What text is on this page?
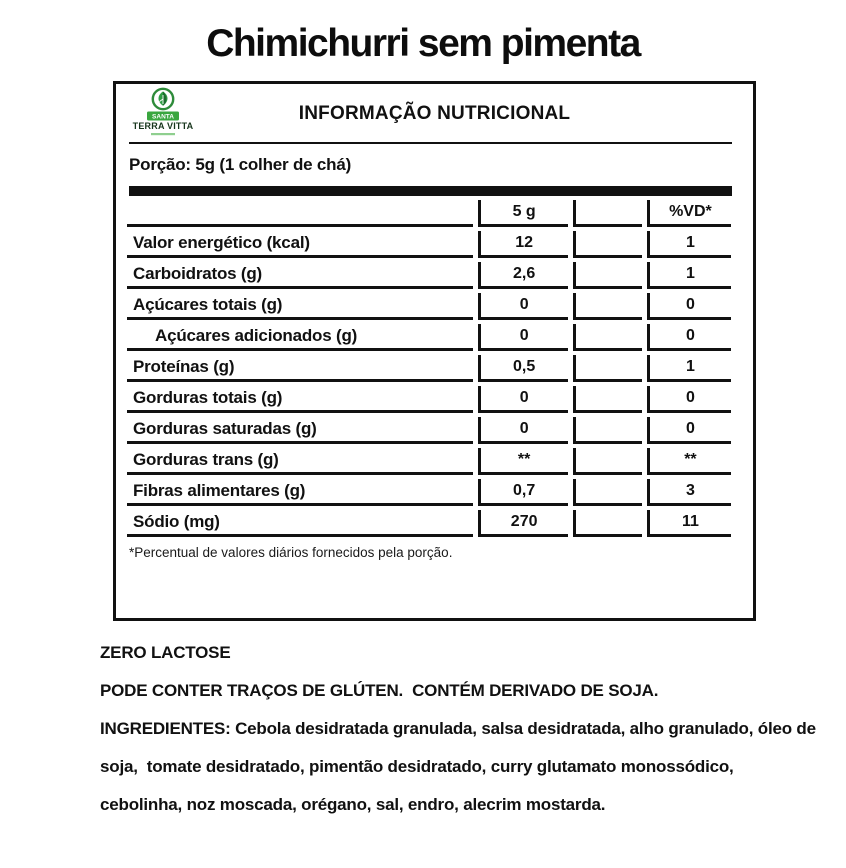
Chimichurri sem pimenta
SANTA
TERRA VITTA
INFORMAÇÃO NUTRICIONAL
Porção: 5g (1 colher de chá)
	5 g		%VD*
Valor energético (kcal)	12		1
Carboidratos (g)	2,6		1
Açúcares totais (g)	0		0
Açúcares adicionados (g)	0		0
Proteínas (g)	0,5		1
Gorduras totais (g)	0		0
Gorduras saturadas (g)	0		0
Gorduras trans (g)	**		**
Fibras alimentares (g)	0,7		3
Sódio (mg)	270		11
*Percentual de valores diários fornecidos pela porção.

ZERO LACTOSE

PODE CONTER TRAÇOS DE GLÚTEN.  CONTÉM DERIVADO DE SOJA.

INGREDIENTES: Cebola desidratada granulada, salsa desidratada, alho granulado, óleo de soja,  tomate desidratado, pimentão desidratado, curry glutamato monossódico, cebolinha, noz moscada, orégano, sal, endro, alecrim mostarda.
